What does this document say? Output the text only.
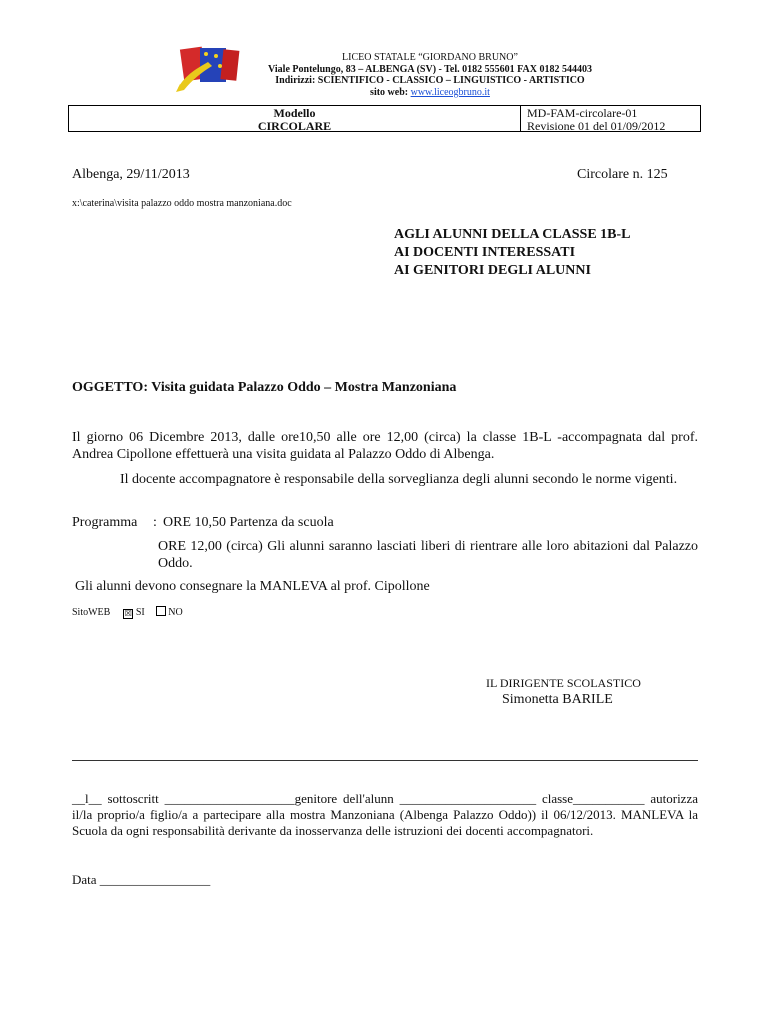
LICEO STATALE “GIORDANO BRUNO”
Viale Pontelungo, 83 – ALBENGA (SV) - Tel. 0182 555601 FAX 0182 544403
Indirizzi: SCIENTIFICO - CLASSICO – LINGUISTICO - ARTISTICO
sito web: www.liceogbruno.it
Modello
CIRCOLARE
MD-FAM-circolare-01
Revisione 01 del 01/09/2012
Albenga, 29/11/2013	Circolare n. 125
x:\caterina\visita palazzo oddo mostra manzoniana.doc
AGLI ALUNNI DELLA CLASSE 1B-L
AI DOCENTI INTERESSATI
AI GENITORI DEGLI ALUNNI
OGGETTO: Visita guidata Palazzo Oddo – Mostra Manzoniana
Il giorno 06 Dicembre 2013, dalle ore10,50 alle ore 12,00 (circa) la classe 1B-L -accompagnata dal prof. Andrea Cipollone effettuerà una visita guidata al Palazzo Oddo di Albenga.
Il docente accompagnatore è responsabile della sorveglianza degli alunni secondo le norme vigenti.
Programma : ORE 10,50 Partenza da scuola
ORE 12,00 (circa) Gli alunni saranno lasciati liberi di rientrare alle loro abitazioni dal Palazzo Oddo.
Gli alunni devono consegnare la MANLEVA al prof. Cipollone
SitoWEB ☒ SI NO
IL DIRIGENTE SCOLASTICO
Simonetta BARILE
__l__ sottoscritt ____________________genitore dell'alunn _____________________ classe___________ autorizza il/la proprio/a figlio/a a partecipare alla mostra Manzoniana (Albenga Palazzo Oddo)) il 06/12/2013. MANLEVA la Scuola da ogni responsabilità derivante da inosservanza delle istruzioni dei docenti accompagnatori.
Data _________________
